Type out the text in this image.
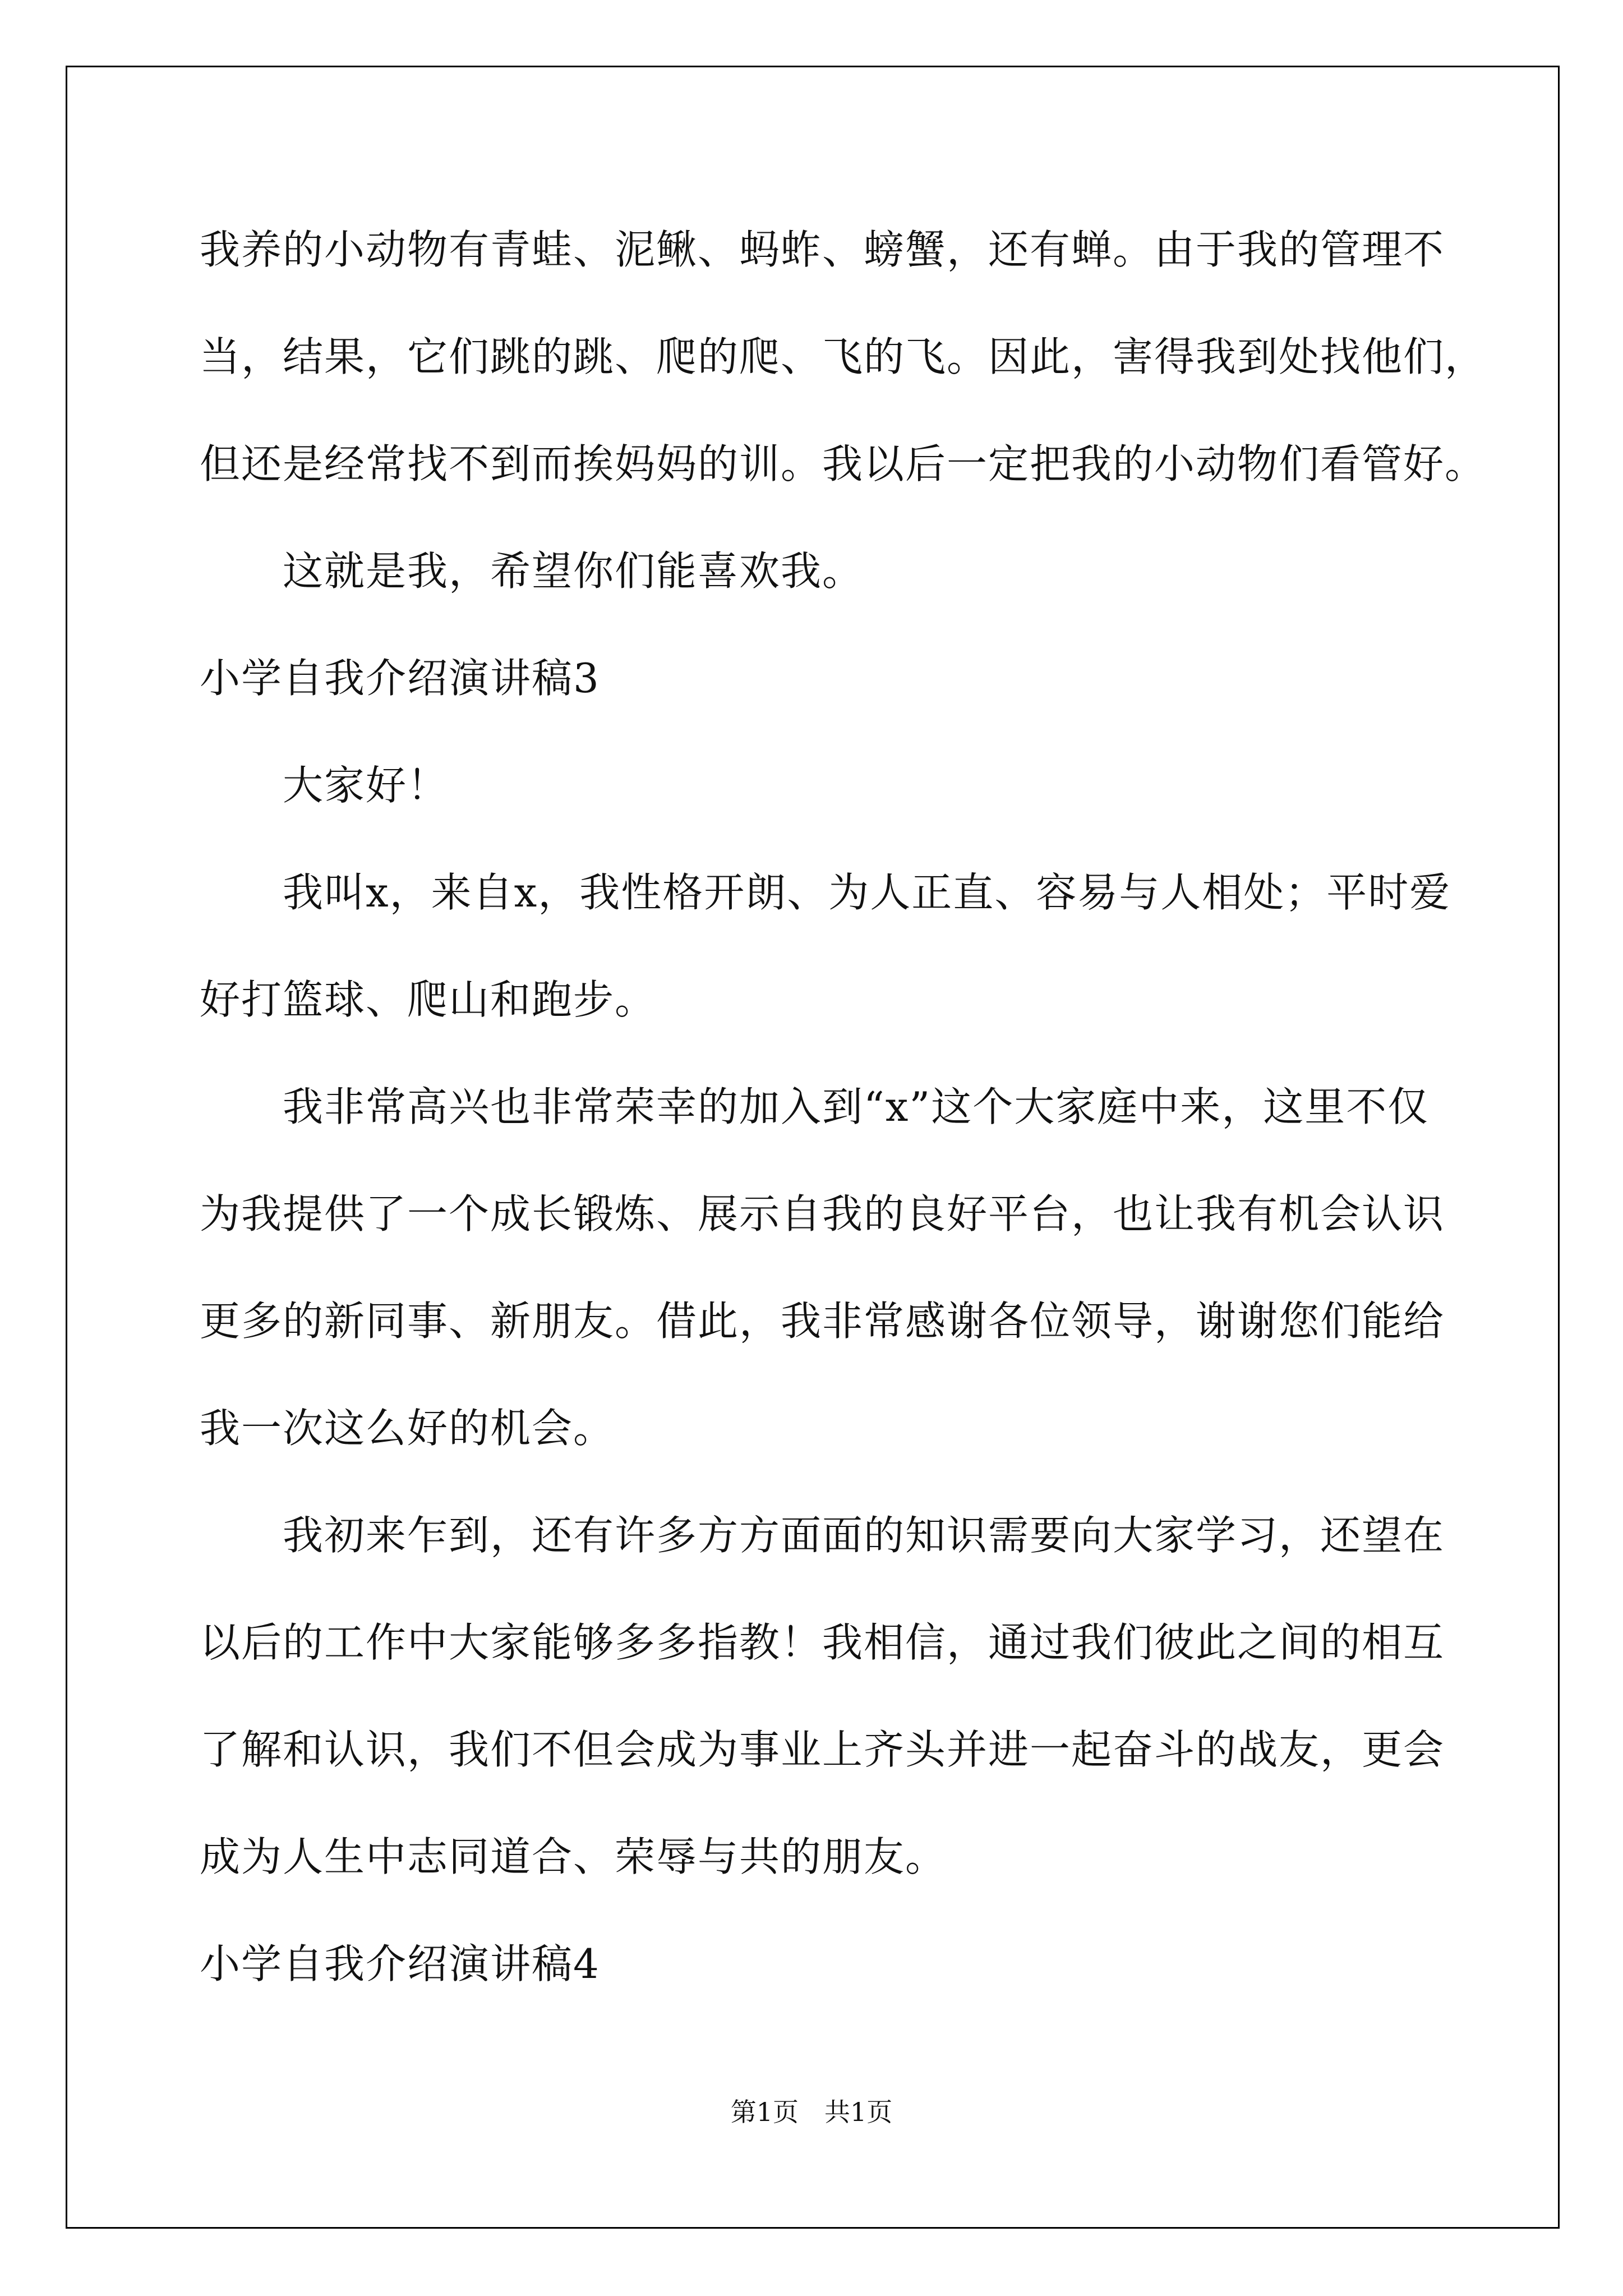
我养的小动物有青蛙、泥鳅、蚂蚱、螃蟹，还有蝉。由于我的管理不
当，结果，它们跳的跳、爬的爬、飞的飞。因此，害得我到处找他们，
但还是经常找不到而挨妈妈的训。我以后一定把我的小动物们看管好。
这就是我，希望你们能喜欢我。
小学自我介绍演讲稿3
大家好！
我叫x，来自x，我性格开朗、为人正直、容易与人相处；平时爱
好打篮球、爬山和跑步。
我非常高兴也非常荣幸的加入到“x”这个大家庭中来，这里不仅
为我提供了一个成长锻炼、展示自我的良好平台，也让我有机会认识
更多的新同事、新朋友。借此，我非常感谢各位领导，谢谢您们能给
我一次这么好的机会。
我初来乍到，还有许多方方面面的知识需要向大家学习，还望在
以后的工作中大家能够多多指教！我相信，通过我们彼此之间的相互
了解和认识，我们不但会成为事业上齐头并进一起奋斗的战友，更会
成为人生中志同道合、荣辱与共的朋友。
小学自我介绍演讲稿4
第1页　共1页
